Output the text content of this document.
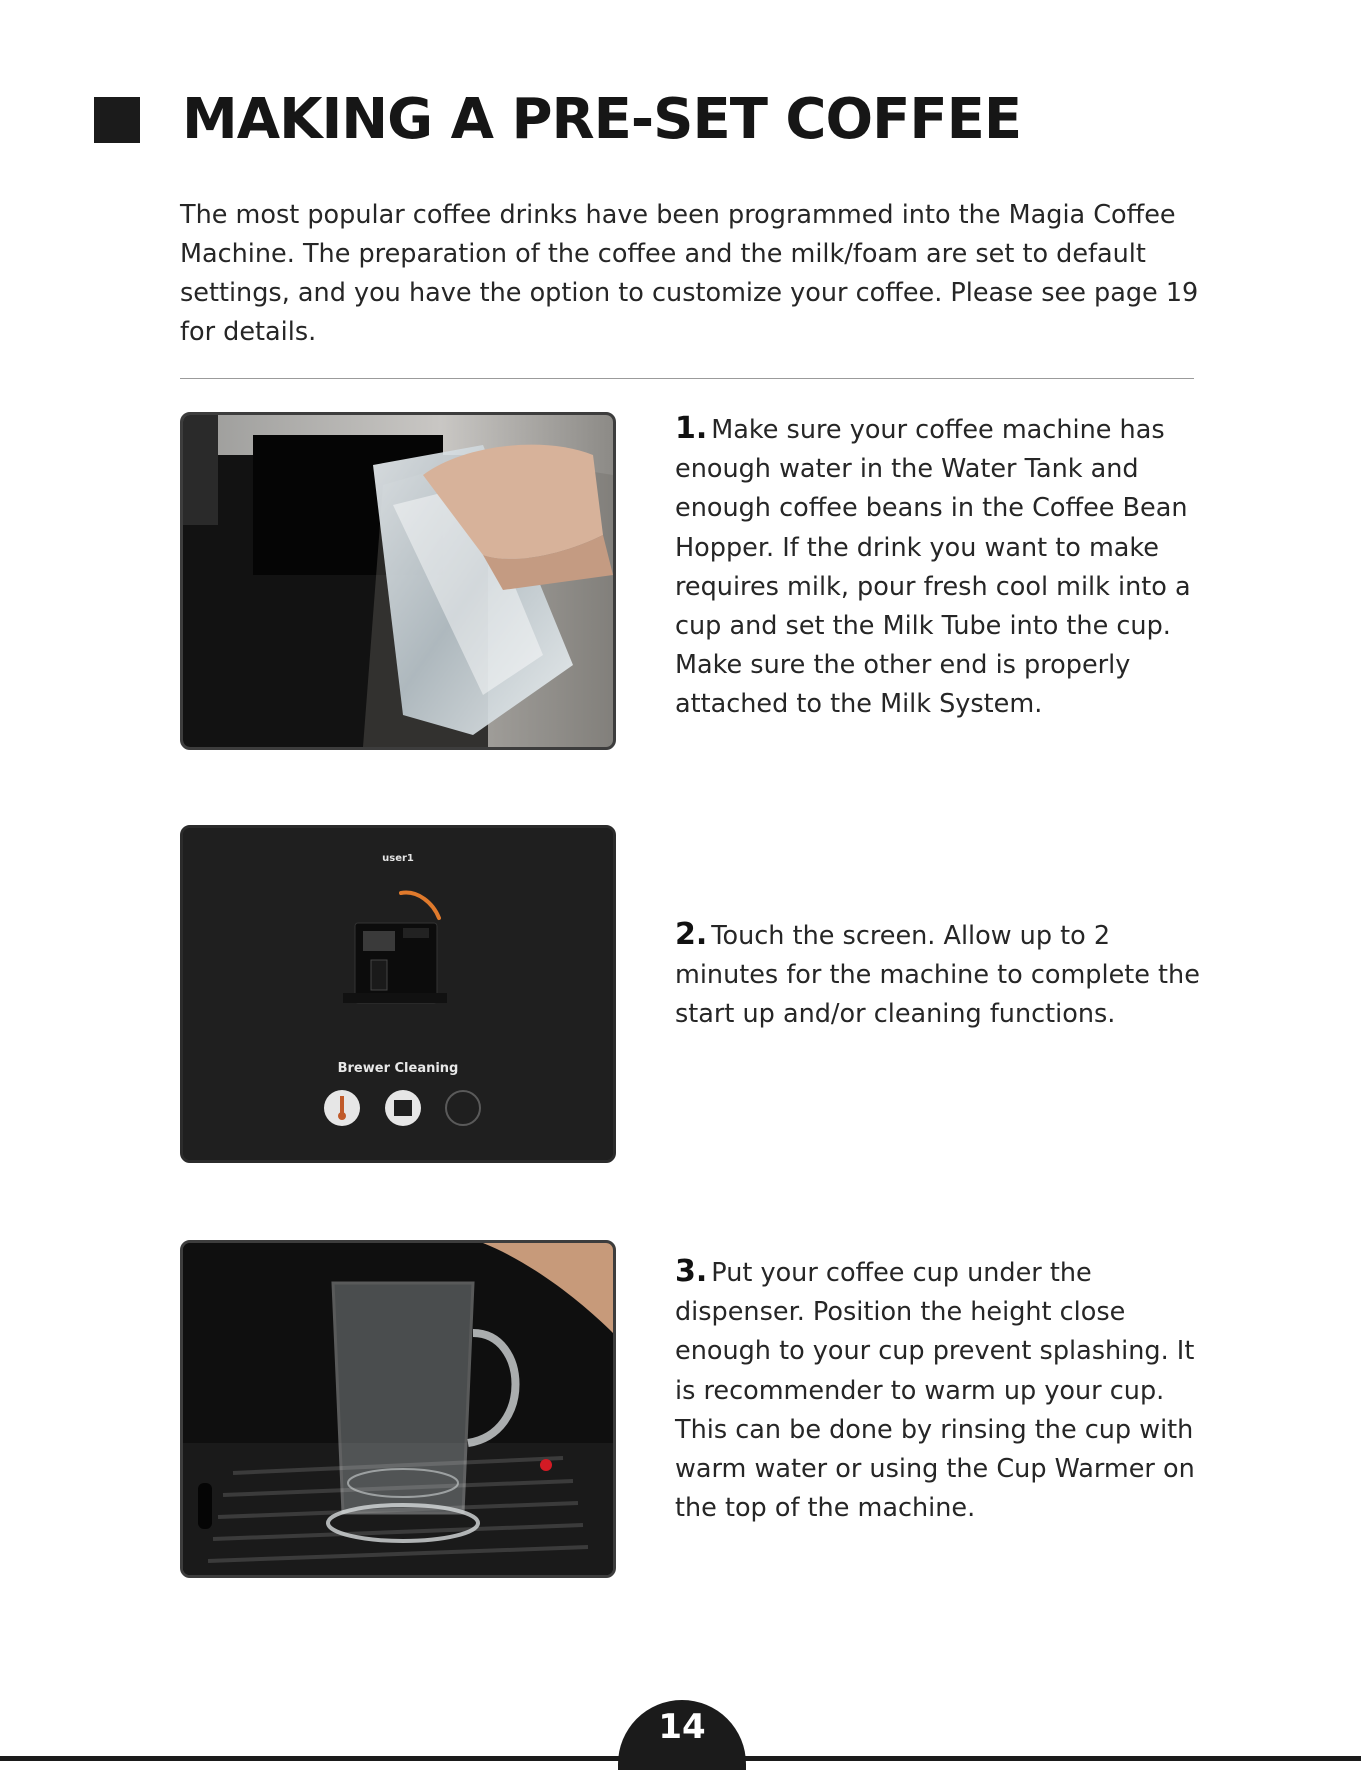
MAKING A PRE-SET COFFEE

The most popular coffee drinks have been programmed into the Magia Coffee Machine. The preparation of the coffee and the milk/foam are set to default settings, and you have the option to customize your coffee. Please see page 19 for details.

1. Make sure your coffee machine has enough water in the Water Tank and enough coffee beans in the Coffee Bean Hopper. If the drink you want to make requires milk, pour fresh cool milk into a cup and set the Milk Tube into the cup. Make sure the other end is properly attached to the Milk System.

user1
Brewer Cleaning

2. Touch the screen. Allow up to 2 minutes for the machine to complete the start up and/or cleaning functions.

3. Put your coffee cup under the dispenser. Position the height close enough to your cup prevent splashing. It is recommender to warm up your cup. This can be done by rinsing the cup with warm water or using the Cup Warmer on the top of the machine.

14
